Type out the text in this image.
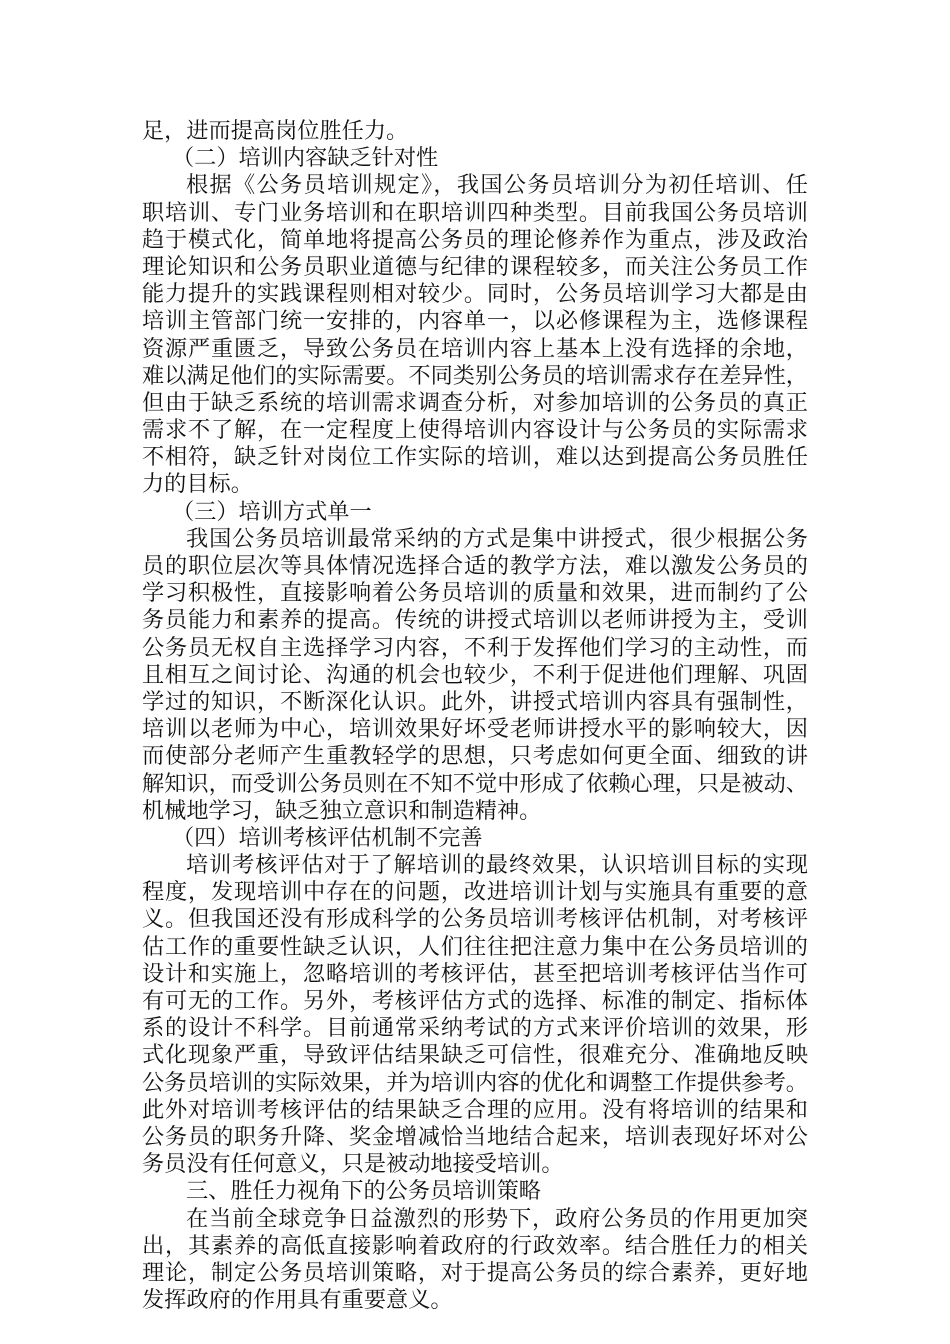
足，进而提高岗位胜任力。
（二）培训内容缺乏针对性
根据《公务员培训规定》，我国公务员培训分为初任培训、任
职培训、专门业务培训和在职培训四种类型。目前我国公务员培训
趋于模式化，简单地将提高公务员的理论修养作为重点，涉及政治
理论知识和公务员职业道德与纪律的课程较多，而关注公务员工作
能力提升的实践课程则相对较少。同时，公务员培训学习大都是由
培训主管部门统一安排的，内容单一，以必修课程为主，选修课程
资源严重匮乏，导致公务员在培训内容上基本上没有选择的余地，
难以满足他们的实际需要。不同类别公务员的培训需求存在差异性，
但由于缺乏系统的培训需求调查分析，对参加培训的公务员的真正
需求不了解，在一定程度上使得培训内容设计与公务员的实际需求
不相符，缺乏针对岗位工作实际的培训，难以达到提高公务员胜任
力的目标。
（三）培训方式单一
我国公务员培训最常采纳的方式是集中讲授式，很少根据公务
员的职位层次等具体情况选择合适的教学方法，难以激发公务员的
学习积极性，直接影响着公务员培训的质量和效果，进而制约了公
务员能力和素养的提高。传统的讲授式培训以老师讲授为主，受训
公务员无权自主选择学习内容，不利于发挥他们学习的主动性，而
且相互之间讨论、沟通的机会也较少，不利于促进他们理解、巩固
学过的知识，不断深化认识。此外，讲授式培训内容具有强制性，
培训以老师为中心，培训效果好坏受老师讲授水平的影响较大，因
而使部分老师产生重教轻学的思想，只考虑如何更全面、细致的讲
解知识，而受训公务员则在不知不觉中形成了依赖心理，只是被动、
机械地学习，缺乏独立意识和制造精神。
（四）培训考核评估机制不完善
培训考核评估对于了解培训的最终效果，认识培训目标的实现
程度，发现培训中存在的问题，改进培训计划与实施具有重要的意
义。但我国还没有形成科学的公务员培训考核评估机制，对考核评
估工作的重要性缺乏认识，人们往往把注意力集中在公务员培训的
设计和实施上，忽略培训的考核评估，甚至把培训考核评估当作可
有可无的工作。另外，考核评估方式的选择、标准的制定、指标体
系的设计不科学。目前通常采纳考试的方式来评价培训的效果，形
式化现象严重，导致评估结果缺乏可信性，很难充分、准确地反映
公务员培训的实际效果，并为培训内容的优化和调整工作提供参考。
此外对培训考核评估的结果缺乏合理的应用。没有将培训的结果和
公务员的职务升降、奖金增减恰当地结合起来，培训表现好坏对公
务员没有任何意义，只是被动地接受培训。
三、胜任力视角下的公务员培训策略
在当前全球竞争日益激烈的形势下，政府公务员的作用更加突
出，其素养的高低直接影响着政府的行政效率。结合胜任力的相关
理论，制定公务员培训策略，对于提高公务员的综合素养，更好地
发挥政府的作用具有重要意义。
